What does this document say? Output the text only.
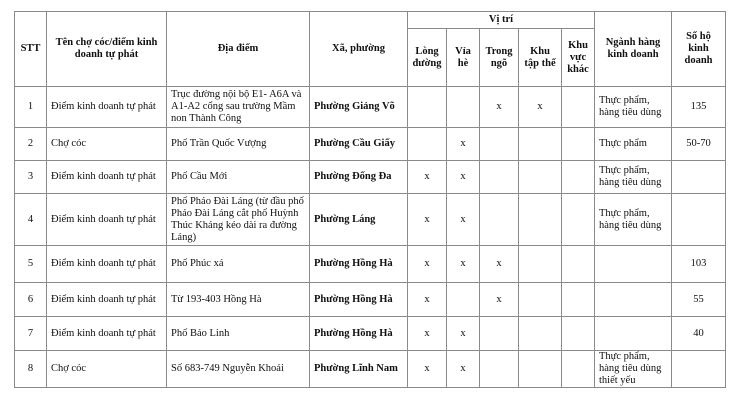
STT	Tên chợ cóc/điểm kinh doanh tự phát	Địa điểm	Xã, phường	Vị trí					Ngành hàng kinh doanh	Số hộ kinh doanh
				Lòng đường	Vỉa hè	Trong ngõ	Khu tập thể	Khu vực khác		
1	Điểm kinh doanh tự phát	Trục đường nội bộ E1- A6A và A1-A2 cổng sau trường Mầm non Thành Công	Phường Giảng Võ			x	x		Thực phẩm, hàng tiêu dùng	135
2	Chợ cóc	Phố Trần Quốc Vượng	Phường Cầu Giấy		x				Thực phẩm	50-70
3	Điểm kinh doanh tự phát	Phố Cầu Mới	Phường Đống Đa	x	x				Thực phẩm, hàng tiêu dùng	
4	Điểm kinh doanh tự phát	Phố Pháo Đài Láng (từ đầu phố Pháo Đài Láng cắt phố Huỳnh Thúc Kháng kéo dài ra đường Láng)	Phường Láng	x	x				Thực phẩm, hàng tiêu dùng	
5	Điểm kinh doanh tự phát	Phố Phúc xá	Phường Hồng Hà	x	x	x				103
6	Điểm kinh doanh tự phát	Từ 193-403 Hồng Hà	Phường Hồng Hà	x		x				55
7	Điểm kinh doanh tự phát	Phố Bảo Linh	Phường Hồng Hà	x	x					40
8	Chợ cóc	Số 683-749 Nguyễn Khoái	Phường Lĩnh Nam	x	x				Thực phẩm, hàng tiêu dùng thiết yếu	
